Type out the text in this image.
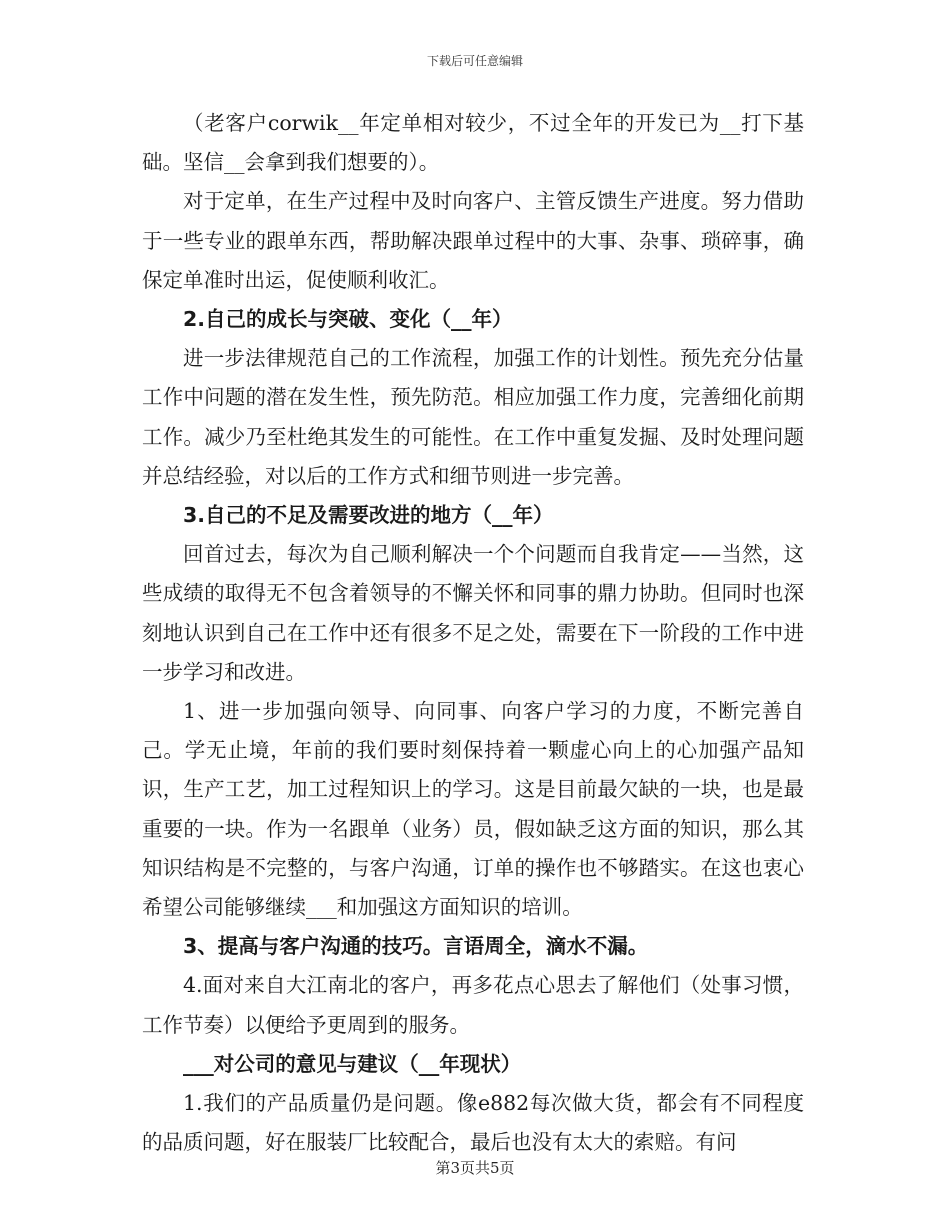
下载后可任意编辑

（老客户corwik__年定单相对较少，不过全年的开发已为__打下基础。坚信__会拿到我们想要的）。

对于定单，在生产过程中及时向客户、主管反馈生产进度。努力借助于一些专业的跟单东西，帮助解决跟单过程中的大事、杂事、琐碎事，确保定单准时出运，促使顺利收汇。

2.自己的成长与突破、变化（__年）

进一步法律规范自己的工作流程，加强工作的计划性。预先充分估量工作中问题的潜在发生性，预先防范。相应加强工作力度，完善细化前期工作。减少乃至杜绝其发生的可能性。在工作中重复发掘、及时处理问题并总结经验，对以后的工作方式和细节则进一步完善。

3.自己的不足及需要改进的地方（__年）

回首过去，每次为自己顺利解决一个个问题而自我肯定——当然，这些成绩的取得无不包含着领导的不懈关怀和同事的鼎力协助。但同时也深刻地认识到自己在工作中还有很多不足之处，需要在下一阶段的工作中进一步学习和改进。

1、进一步加强向领导、向同事、向客户学习的力度，不断完善自己。学无止境，年前的我们要时刻保持着一颗虚心向上的心加强产品知识，生产工艺，加工过程知识上的学习。这是目前最欠缺的一块，也是最重要的一块。作为一名跟单（业务）员，假如缺乏这方面的知识，那么其知识结构是不完整的，与客户沟通，订单的操作也不够踏实。在这也衷心希望公司能够继续___和加强这方面知识的培训。

3、提高与客户沟通的技巧。言语周全，滴水不漏。

4.面对来自大江南北的客户，再多花点心思去了解他们（处事习惯，工作节奏）以便给予更周到的服务。

___对公司的意见与建议（__年现状）

1.我们的产品质量仍是问题。像e882每次做大货，都会有不同程度的品质问题，好在服装厂比较配合，最后也没有太大的索赔。有问

第3页共5页
